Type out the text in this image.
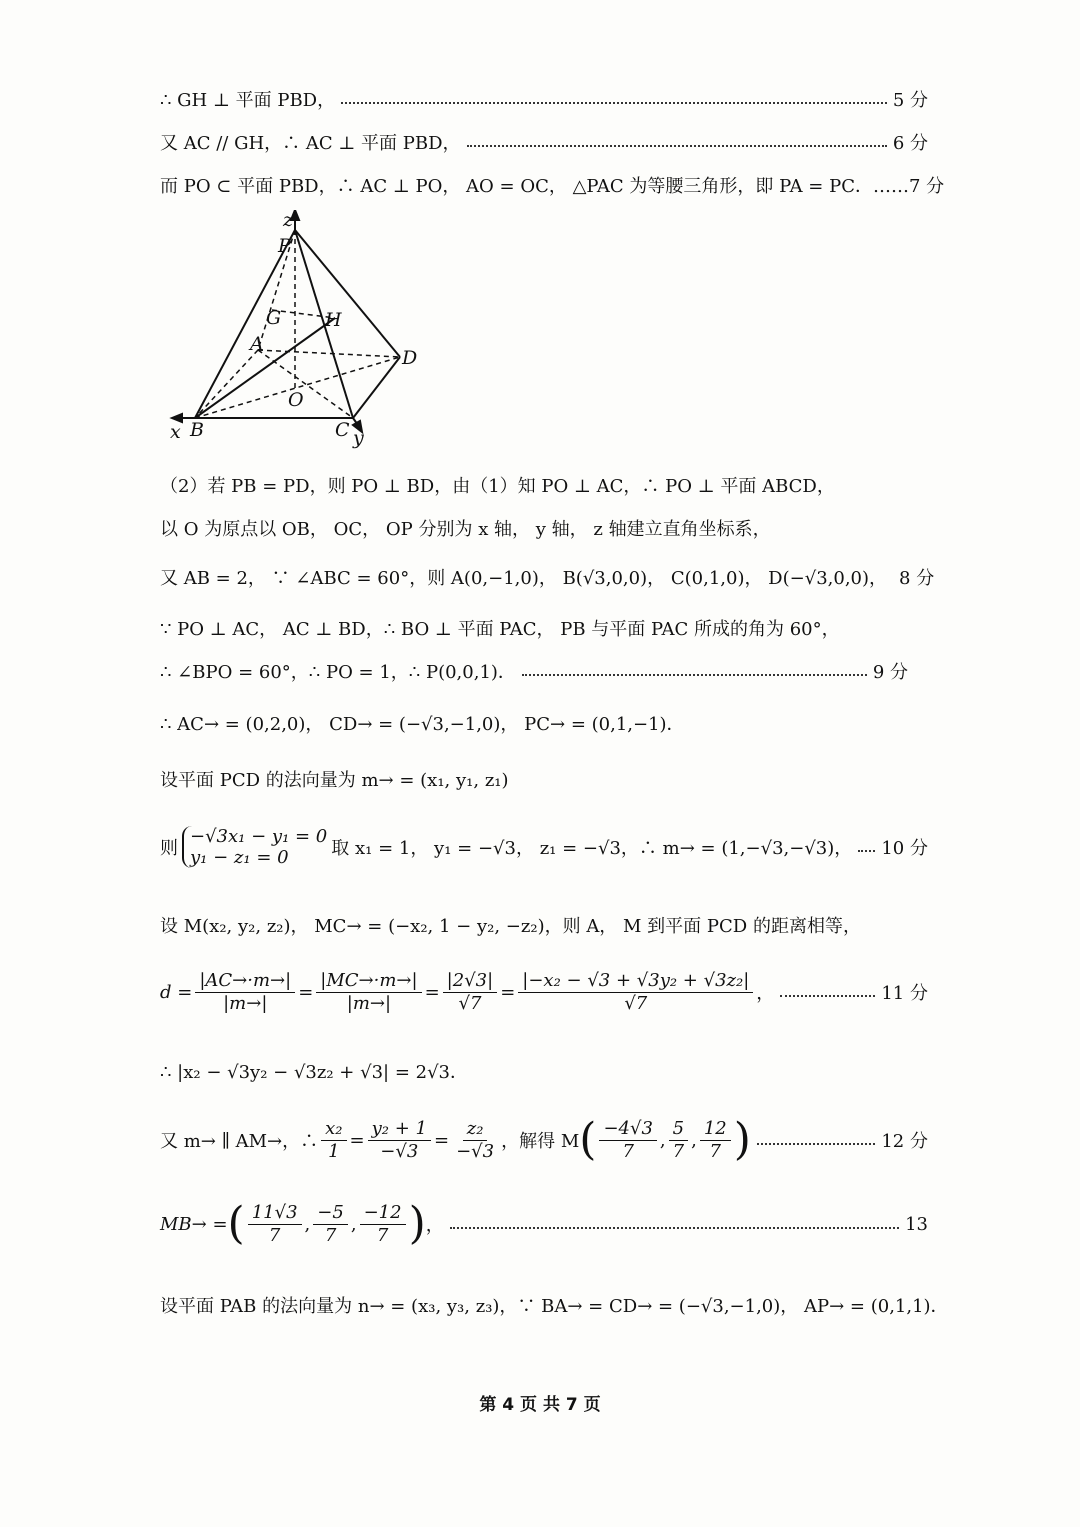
∴ GH ⊥ 平面 PBD，	5 分
又 AC // GH，∴ AC ⊥ 平面 PBD，	6 分
而 PO ⊂ 平面 PBD，∴ AC ⊥ PO， AO = OC， △PAC 为等腰三角形，即 PA = PC． ……7 分
z
P
G H
A
D
O
x B	C y
（2）若 PB = PD，则 PO ⊥ BD，由（1）知 PO ⊥ AC，∴ PO ⊥ 平面 ABCD，
以 O 为原点以 OB， OC， OP 分别为 x 轴， y 轴， z 轴建立直角坐标系，
又 AB = 2， ∵ ∠ABC = 60°，则 A(0,−1,0)， B(√3,0,0)， C(0,1,0)， D(−√3,0,0)， 8 分
∵ PO ⊥ AC， AC ⊥ BD，∴ BO ⊥ 平面 PAC， PB 与平面 PAC 所成的角为 60°，
∴ ∠BPO = 60°，∴ PO = 1，∴ P(0,0,1)．	9 分
∴ AC→ = (0,2,0)， CD→ = (−√3,−1,0)， PC→ = (0,1,−1)．
设平面 PCD 的法向量为 m→ = (x₁, y₁, z₁)
则
−√3x₁ − y₁ = 0
y₁ − z₁ = 0	取 x₁ = 1， y₁ = −√3， z₁ = −√3，∴ m→ = (1,−√3,−√3)， 10 分
设 M(x₂, y₂, z₂)， MC→ = (−x₂, 1 − y₂, −z₂)，则 A， M 到平面 PCD 的距离相等，
$d = \frac{|AC\to\cdot m\to|}{|m\to|} = \frac{|MC\to\cdot m\to|}{|m\to|} = \frac{|2√3|}{√7} = \frac{\text{|−x₂ − √3 + √3y₂ + √3z₂|}}{√7}$ ，	11 分
∴ |x₂ − √3y₂ − √3z₂ + √3| = 2√3．
又 m→ ∥ AM→，∴ $\frac{\text{x₂}}{1} = \frac{\text{y₂ + 1}}{-√3} = \frac{\text{z₂}}{-√3}$ ，解得 M ( $\frac{-4√3}{7}$ , $\frac{5}{7}$ , $\frac{12}{7}$ )	12 分
MB→ = ( $\frac{11√3}{7}$ , $\frac{-5}{7}$ , $\frac{-12}{7}$ ) ，	13
设平面 PAB 的法向量为 n→ = (x₃, y₃, z₃)，∵ BA→ = CD→ = (−√3,−1,0)， AP→ = (0,1,1)．
第 4 页 共 7 页
